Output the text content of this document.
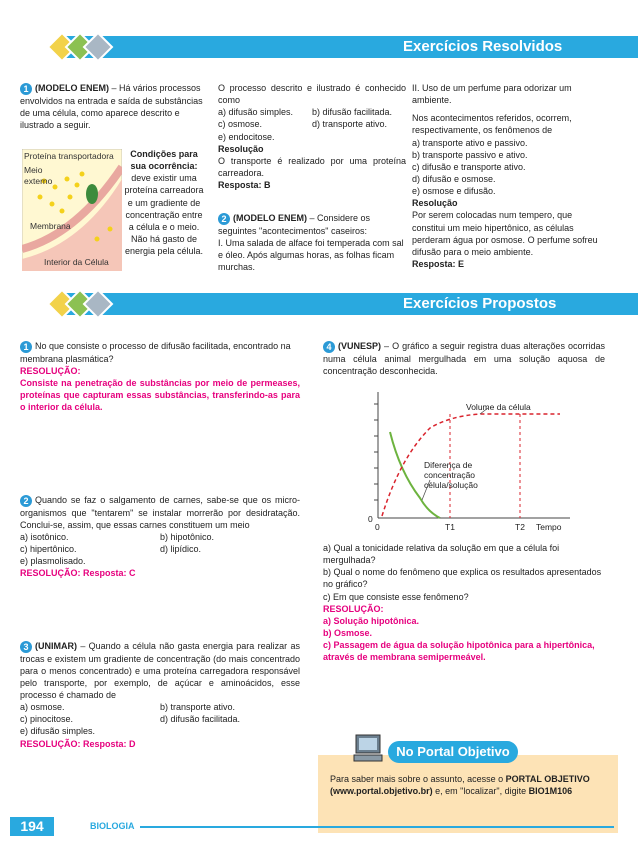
Exercícios Resolvidos

1 (MODELO ENEM) – Há vários processos envolvidos na entrada e saída de substâncias de uma célula, como aparece descrito e ilustrado a seguir.

Proteína transportadora
Meio externo
Membrana
Interior da Célula
Condições para sua ocorrência:
deve existir uma proteína carreadora e um gradiente de concentração entre a célula e o meio. Não há gasto de energia pela célula.

O processo descrito e ilustrado é conhecido como

a) difusão simples.	b) difusão facilitada.
c) osmose.	d) transporte ativo.
e) endocitose.
Resolução

O transporte é realizado por uma proteína carreadora.

Resposta: B

2 (MODELO ENEM) – Considere os seguintes "acontecimentos" caseiros:

I. Uma salada de alface foi temperada com sal e óleo. Após algumas horas, as folhas ficam murchas.

II. Uso de um perfume para odorizar um ambiente.

Nos acontecimentos referidos, ocorrem, respectivamente, os fenômenos de

a) transporte ativo e passivo.
b) transporte passivo e ativo.
c) difusão e transporte ativo.
d) difusão e osmose.
e) osmose e difusão.
Resolução

Por serem colocadas num tempero, que constitui um meio hipertônico, as células perderam água por osmose. O perfume sofreu difusão para o meio ambiente.

Resposta: E
Exercícios Propostos

1 No que consiste o processo de difusão facilitada, encontrado na membrana plasmática?

RESOLUÇÃO:

Consiste na penetração de substâncias por meio de permeases, proteínas que capturam essas substâncias, transferindo-as para o interior da célula.

2 Quando se faz o salgamento de carnes, sabe-se que os micro-organismos que "tentarem" se instalar morrerão por desidratação. Conclui-se, assim, que essas carnes constituem um meio

a) isotônico.	b) hipotônico.
c) hipertônico.	d) lipídico.
e) plasmolisado.
RESOLUÇÃO: Resposta: C

3 (UNIMAR) – Quando a célula não gasta energia para realizar as trocas e existem um gradiente de concentração (do mais concentrado para o menos concentrado) e uma proteína carregadora responsável pelo transporte, por exemplo, de açúcar e aminoácidos, esse processo é chamado de

a) osmose.	b) transporte ativo.
c) pinocitose.	d) difusão facilitada.
e) difusão simples.
RESOLUÇÃO: Resposta: D

4 (VUNESP) – O gráfico a seguir registra duas alterações ocorridas numa célula animal mergulhada em uma solução aquosa de concentração desconhecida.

Volume da célula
Diferença de
concentração
célula/solução
0
0	T1	T2 Tempo

a) Qual a tonicidade relativa da solução em que a célula foi mergulhada?

b) Qual o nome do fenômeno que explica os resultados apresentados no gráfico?

c) Em que consiste esse fenômeno?

RESOLUÇÃO:
a) Solução hipotônica.
b) Osmose.
c) Passagem de água da solução hipotônica para a hipertônica, através de membrana semipermeável.
No Portal Objetivo

Para saber mais sobre o assunto, acesse o PORTAL OBJETIVO (www.portal.objetivo.br) e, em "localizar", digite BIO1M106

194	BIOLOGIA
